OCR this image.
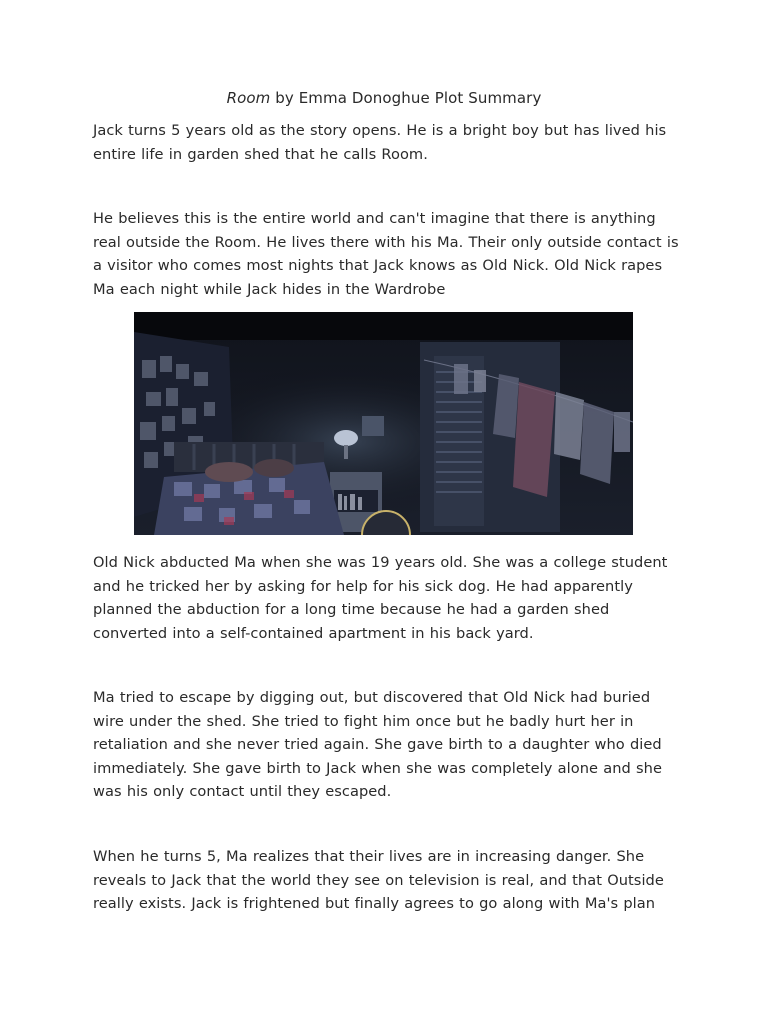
Room by Emma Donoghue Plot Summary

Jack turns 5 years old as the story opens. He is a bright boy but has lived his entire life in garden shed that he calls Room.

He believes this is the entire world and can't imagine that there is anything real outside the Room. He lives there with his Ma. Their only outside contact is a visitor who comes most nights that Jack knows as Old Nick. Old Nick rapes Ma each night while Jack hides in the Wardrobe

Old Nick abducted Ma when she was 19 years old. She was a college student and he tricked her by asking for help for his sick dog. He had apparently planned the abduction for a long time because he had a garden shed converted into a self-contained apartment in his back yard.

Ma tried to escape by digging out, but discovered that Old Nick had buried wire under the shed. She tried to fight him once but he badly hurt her in retaliation and she never tried again. She gave birth to a daughter who died immediately. She gave birth to Jack when she was completely alone and she was his only contact until they escaped.

When he turns 5, Ma realizes that their lives are in increasing danger. She reveals to Jack that the world they see on television is real, and that Outside really exists. Jack is frightened but finally agrees to go along with Ma's plan
